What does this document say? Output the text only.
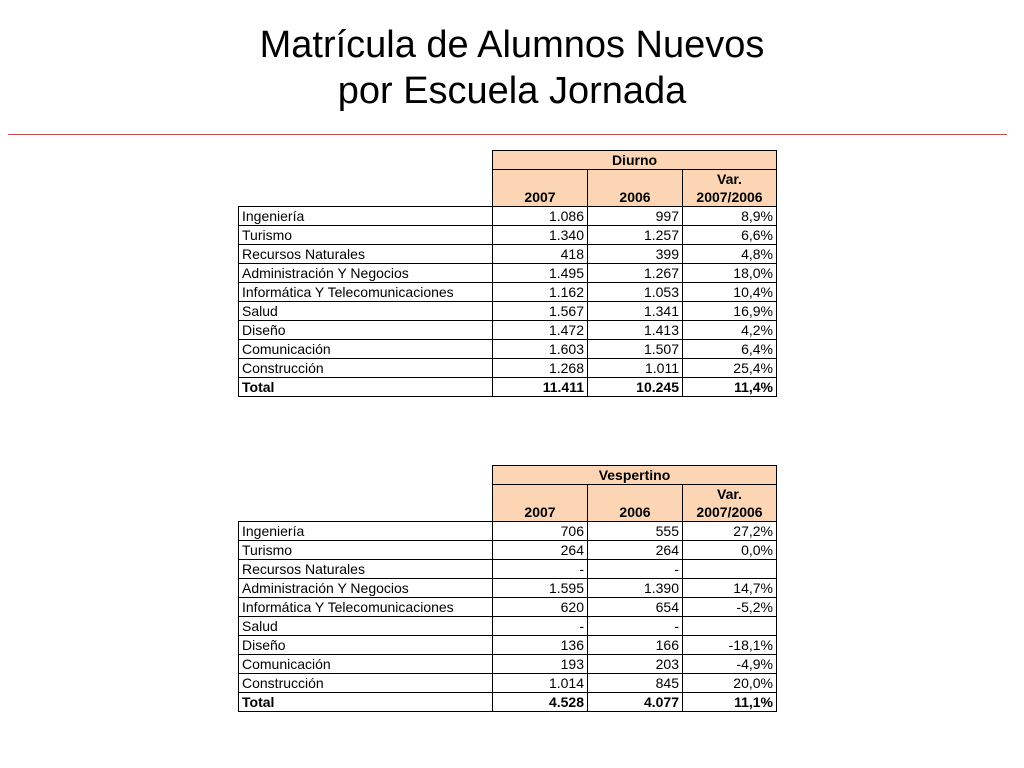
Matrícula de Alumnos Nuevos
por Escuela Jornada
	Diurno		

	2007	2006	Var.
2007/2006

Ingeniería	1.086	997	8,9%
Turismo	1.340	1.257	6,6%
Recursos Naturales	418	399	4,8%
Administración Y Negocios	1.495	1.267	18,0%
Informática Y Telecomunicaciones	1.162	1.053	10,4%
Salud	1.567	1.341	16,9%
Diseño	1.472	1.413	4,2%
Comunicación	1.603	1.507	6,4%
Construcción	1.268	1.011	25,4%
Total	11.411	10.245	11,4%
	Vespertino		

	2007	2006	Var.
2007/2006

Ingeniería	706	555	27,2%
Turismo	264	264	0,0%
Recursos Naturales	-	-	
Administración Y Negocios	1.595	1.390	14,7%
Informática Y Telecomunicaciones	620	654	-5,2%
Salud	-	-	
Diseño	136	166	-18,1%
Comunicación	193	203	-4,9%
Construcción	1.014	845	20,0%
Total	4.528	4.077	11,1%
